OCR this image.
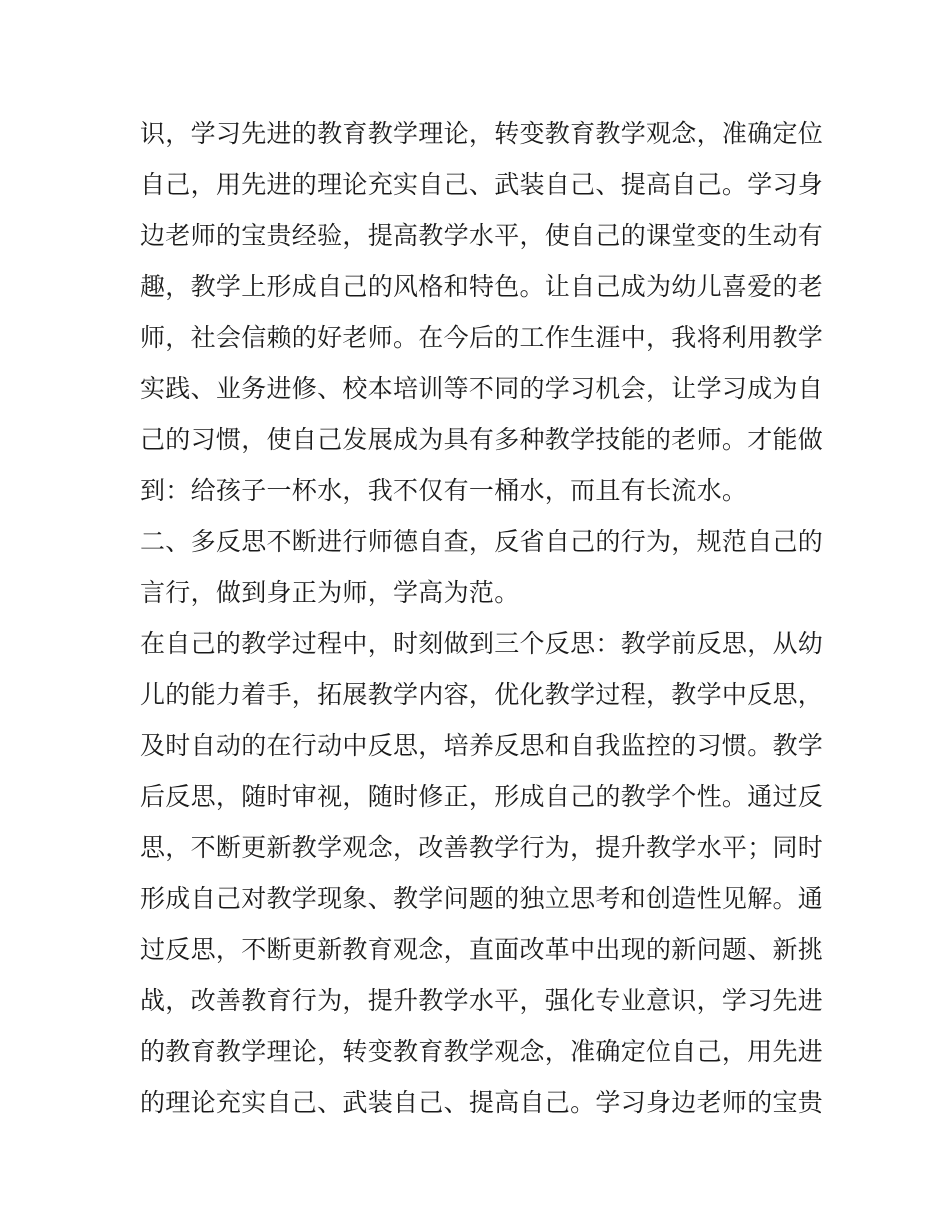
识，学习先进的教育教学理论，转变教育教学观念，准确定位
自己，用先进的理论充实自己、武装自己、提高自己。学习身
边老师的宝贵经验，提高教学水平，使自己的课堂变的生动有
趣，教学上形成自己的风格和特色。让自己成为幼儿喜爱的老
师，社会信赖的好老师。在今后的工作生涯中，我将利用教学
实践、业务进修、校本培训等不同的学习机会，让学习成为自
己的习惯，使自己发展成为具有多种教学技能的老师。才能做
到：给孩子一杯水，我不仅有一桶水，而且有长流水。
二、多反思不断进行师德自查，反省自己的行为，规范自己的
言行，做到身正为师，学高为范。
在自己的教学过程中，时刻做到三个反思：教学前反思，从幼
儿的能力着手，拓展教学内容，优化教学过程，教学中反思，
及时自动的在行动中反思，培养反思和自我监控的习惯。教学
后反思，随时审视，随时修正，形成自己的教学个性。通过反
思，不断更新教学观念，改善教学行为，提升教学水平；同时
形成自己对教学现象、教学问题的独立思考和创造性见解。通
过反思，不断更新教育观念，直面改革中出现的新问题、新挑
战，改善教育行为，提升教学水平，强化专业意识，学习先进
的教育教学理论，转变教育教学观念，准确定位自己，用先进
的理论充实自己、武装自己、提高自己。学习身边老师的宝贵
